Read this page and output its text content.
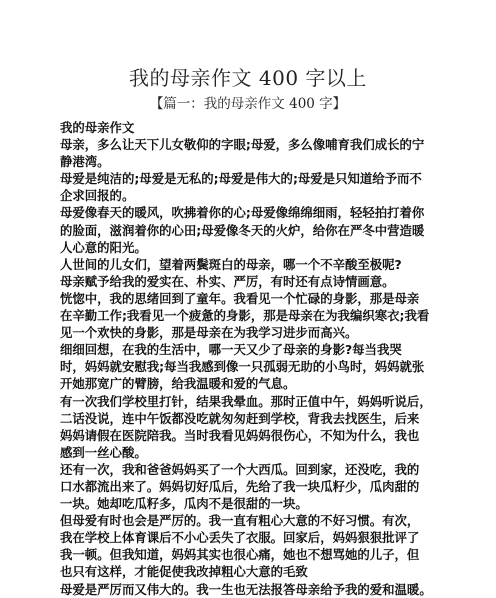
我的母亲作文 400 字以上
【篇一：我的母亲作文 400 字】
我的母亲作文
母亲，多么让天下儿女敬仰的字眼;母爱，多么像哺育我们成长的宁
静港湾。
母爱是纯洁的;母爱是无私的;母爱是伟大的;母爱是只知道给予而不
企求回报的。
母爱像春天的暖风，吹拂着你的心;母爱像绵绵细雨，轻轻拍打着你
的脸面，滋润着你的心田;母爱像冬天的火炉，给你在严冬中营造暖
人心意的阳光。
人世间的儿女们，望着两鬓斑白的母亲，哪一个不辛酸至极呢?
母亲赋予给我的爱实在、朴实、严厉，有时还有点诗情画意。
恍惚中，我的思绪回到了童年。我看见一个忙碌的身影，那是母亲
在辛勤工作;我看见一个疲惫的身影，那是母亲在为我编织寒衣;我看
见一个欢快的身影，那是母亲在为我学习进步而高兴。
细细回想，在我的生活中，哪一天又少了母亲的身影?每当我哭
时，妈妈就安慰我;每当我感到像一只孤弱无助的小鸟时，妈妈就张
开她那宽广的臂膀，给我温暖和爱的气息。
有一次我们学校里打针，结果我晕血。那时正值中午，妈妈听说后，
二话没说，连中午饭都没吃就匆匆赶到学校，背我去找医生，后来
妈妈请假在医院陪我。当时我看见妈妈很伤心，不知为什么，我也
感到一丝心酸。
还有一次，我和爸爸妈妈买了一个大西瓜。回到家，还没吃，我的
口水都流出来了。妈妈切好瓜后，先给了我一块瓜籽少，瓜肉甜的
一块。她却吃瓜籽多，瓜肉不是很甜的一块。
但母爱有时也会是严厉的。我一直有粗心大意的不好习惯。有次，
我在学校上体育课后不小心丢失了衣服。回家后，妈妈狠狠批评了
我一顿。但我知道，妈妈其实也很心痛，她也不想骂她的儿子，但
也只有这样，才能促使我改掉粗心大意的毛致
母爱是严厉而又伟大的。我一生也无法报答母亲给予我的爱和温暖。
